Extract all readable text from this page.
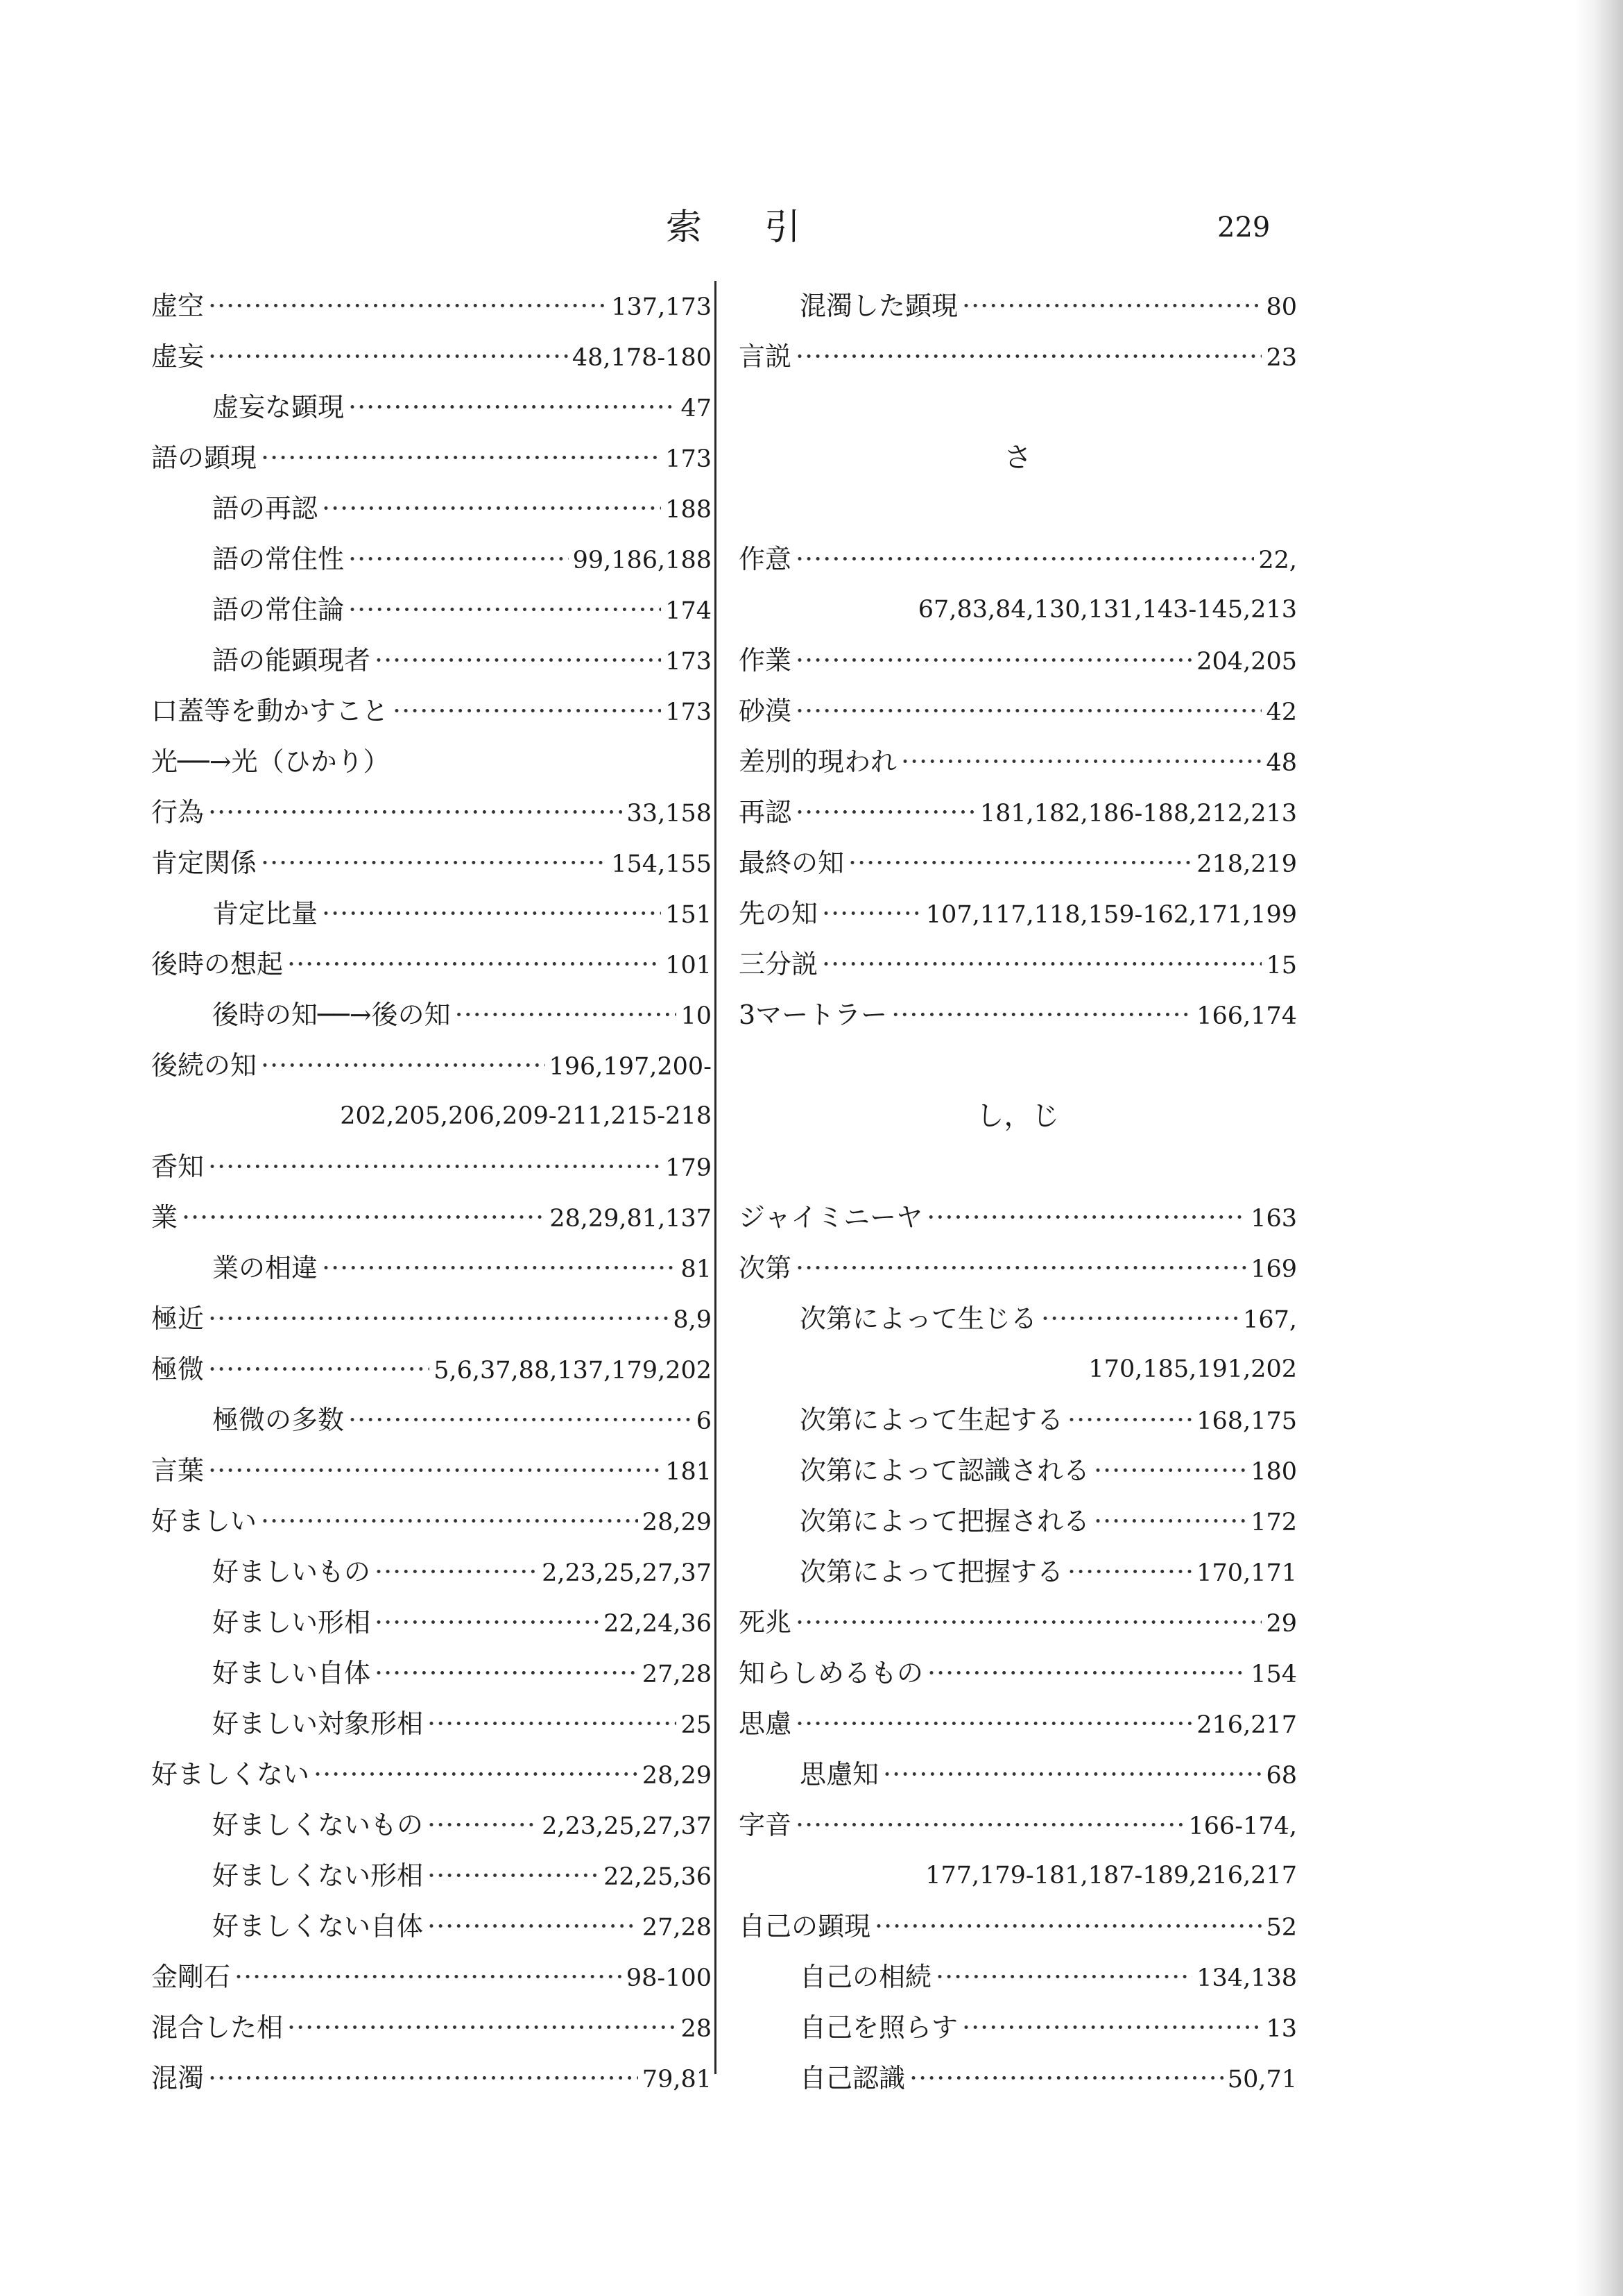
索引	229
虚空 ·····	137,173
虚妄 ·····	48,178-180
虚妄な顕現 ·····	47
語の顕現 ·····	173
語の再認 ·····	188
語の常住性 ·····	99,186,188
語の常住論 ·····	174
語の能顕現者 ·····	173
口蓋等を動かすこと ·····	173
光──→光（ひかり）
行為 ·····	33,158
肯定関係 ·····	154,155
肯定比量 ·····	151
後時の想起 ·····	101
後時の知──→後の知 ·····	10
後続の知 ·····	196,197,200-
202,205,206,209-211,215-218
香知 ·····	179
業 ·····	28,29,81,137
業の相違 ·····	81
極近 ·····	8,9
極微 ·····	5,6,37,88,137,179,202
極微の多数 ·····	6
言葉 ·····	181
好ましい ·····	28,29
好ましいもの ·····	2,23,25,27,37
好ましい形相 ·····	22,24,36
好ましい自体 ·····	27,28
好ましい対象形相 ·····	25
好ましくない ·····	28,29
好ましくないもの ·····	2,23,25,27,37
好ましくない形相 ·····	22,25,36
好ましくない自体 ·····	27,28
金剛石 ·····	98-100
混合した相 ·····	28
混濁 ·····	79,81
混濁した顕現 ·····	80
言説 ·····	23
さ
作意 ·····	22,
67,83,84,130,131,143-145,213
作業 ·····	204,205
砂漠 ·····	42
差別的現われ ·····	48
再認 ·····	181,182,186-188,212,213
最終の知 ·····	218,219
先の知 ·····	107,117,118,159-162,171,199
三分説 ·····	15
3マートラー ·····	166,174
し，じ
ジャイミニーヤ ·····	163
次第 ·····	169
次第によって生じる ·····	167,
170,185,191,202
次第によって生起する ·····	168,175
次第によって認識される ·····	180
次第によって把握される ·····	172
次第によって把握する ·····	170,171
死兆 ·····	29
知らしめるもの ·····	154
思慮 ·····	216,217
思慮知 ·····	68
字音 ·····	166-174,
177,179-181,187-189,216,217
自己の顕現 ·····	52
自己の相続 ·····	134,138
自己を照らす ·····	13
自己認識 ·····	50,71
